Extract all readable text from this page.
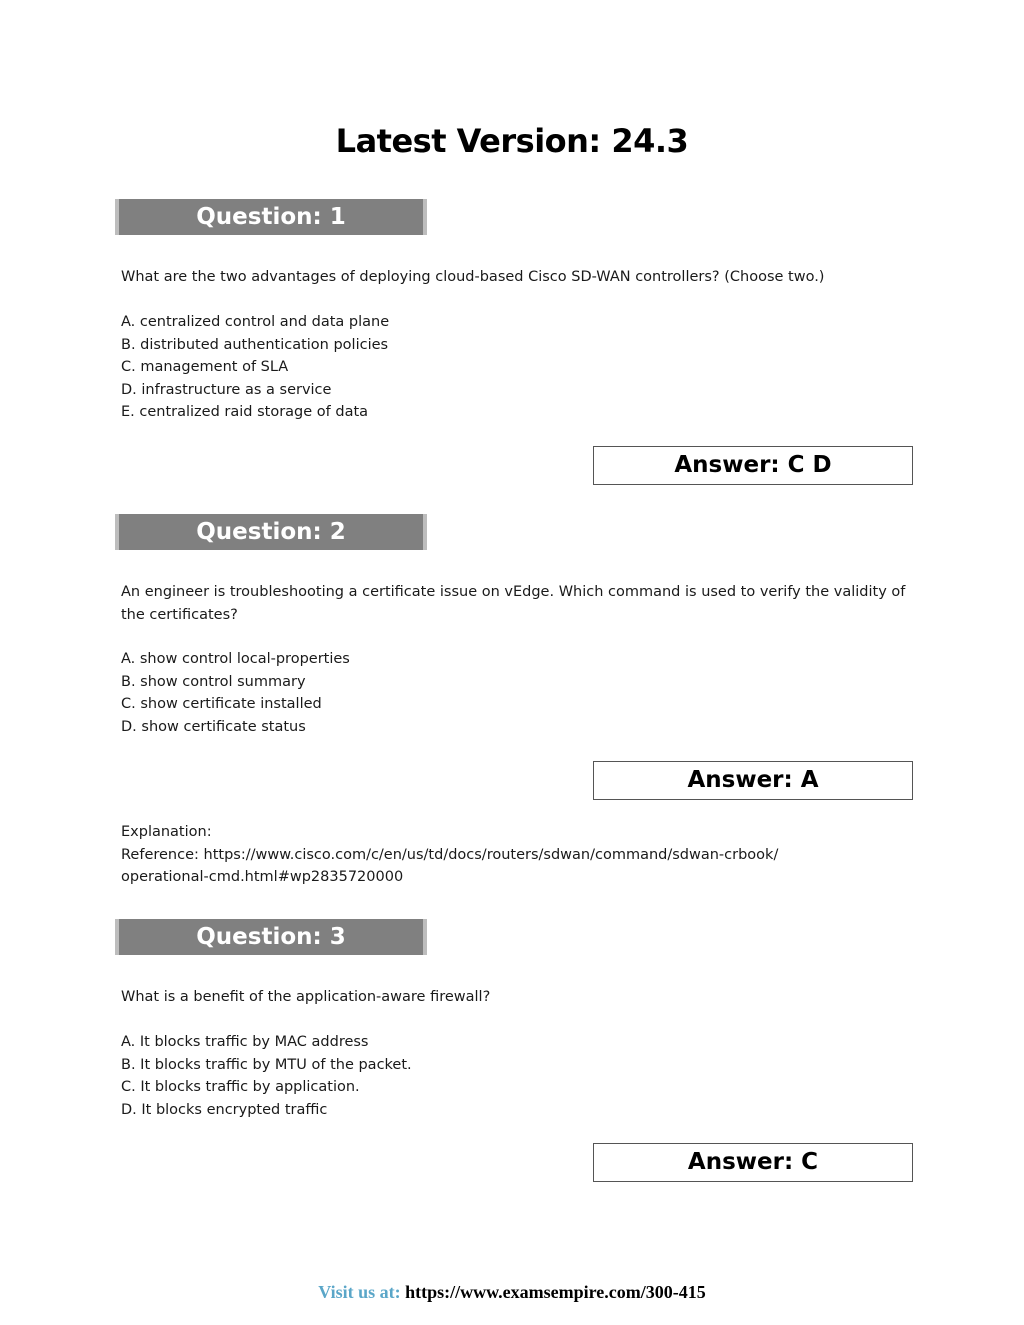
Latest Version: 24.3
Question: 1

What are the two advantages of deploying cloud-based Cisco SD-WAN controllers? (Choose two.)

A. centralized control and data plane
B. distributed authentication policies
C. management of SLA
D. infrastructure as a service
E. centralized raid storage of data
Answer: C D
Question: 2

An engineer is troubleshooting a certificate issue on vEdge. Which command is used to verify the validity of the certificates?

A. show control local-properties
B. show control summary
C. show certificate installed
D. show certificate status
Answer: A
Explanation:
Reference: https://www.cisco.com/c/en/us/td/docs/routers/sdwan/command/sdwan-crbook/
operational-cmd.html#wp2835720000
Question: 3

What is a benefit of the application-aware firewall?

A. It blocks traffic by MAC address
B. It blocks traffic by MTU of the packet.
C. It blocks traffic by application.
D. It blocks encrypted traffic
Answer: C
Visit us at: https://www.examsempire.com/300-415
